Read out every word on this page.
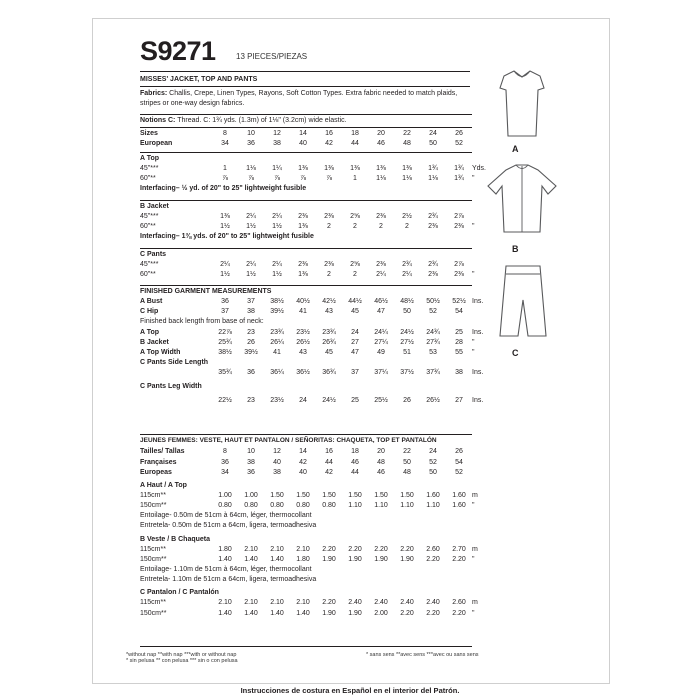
S9271	13 PIECES/PIEZAS
MISSES' JACKET, TOP AND PANTS
Fabrics: Challis, Crepe, Linen Types, Rayons, Soft Cotton Types. Extra fabric needed to match plaids, stripes or one-way design fabrics.
Notions C: Thread. C: 1¾ yds. (1.3m) of 1⅛" (3.2cm) wide elastic.
Sizes	8	10	12	14	16	18	20	22	24	26	
European	34	36	38	40	42	44	46	48	50	52	
A Top
45"***	1	1⅛	1¼	1⅜	1⅜	1⅜	1⅜	1⅜	1¾	1¾	Yds.
60"**	⅞	⅞	⅞	⅞	⅞	1	1⅛	1⅛	1⅛	1¾	"
Interfacing– ½ yd. of 20" to 25" lightweight fusible
B Jacket
45"***	1⅜	2¼	2¼	2⅜	2⅜	2⅝	2⅜	2½	2¾	2⅞	
60"**	1½	1½	1½	1⅜	2	2	2	2	2⅜	2⅜	"
Interfacing– 1⅜ yds. of 20" to 25" lightweight fusible
C Pants
45"***	2¼	2¼	2¼	2⅜	2⅜	2⅝	2⅜	2¾	2¾	2⅞	
60"**	1½	1½	1½	1⅜	2	2	2¼	2¼	2⅜	2⅜	"
FINISHED GARMENT MEASUREMENTS
A Bust	36	37	38½	40½	42½	44½	46½	48½	50½	52½	Ins.
C Hip	37	38	39½	41	43	45	47	50	52	54	
Finished back length from base of neck:
A Top	22⅞	23	23¾	23½	23¾	24	24¼	24½	24¾	25	Ins.
B Jacket	25¾	26	26¼	26½	26¾	27	27¼	27½	27¾	28	"
A Top Width	38½	39½	41	43	45	47	49	51	53	55	"
C Pants Side Length
	35¾	36	36¼	36½	36¾	37	37¼	37½	37¾	38	Ins.
C Pants Leg Width
	22½	23	23½	24	24½	25	25½	26	26½	27	Ins.
JEUNES FEMMES: VESTE, HAUT ET PANTALON / SEÑORITAS: CHAQUETA, TOP ET PANTALÓN
Tailles/ Tallas	8	10	12	14	16	18	20	22	24	26	
Françaises	36	38	40	42	44	46	48	50	52	54	
Europeas	34	36	38	40	42	44	46	48	50	52	
A Haut / A Top
115cm**	1.00	1.00	1.50	1.50	1.50	1.50	1.50	1.50	1.60	1.60	m
150cm**	0.80	0.80	0.80	0.80	0.80	1.10	1.10	1.10	1.10	1.60	"
Entoilage- 0.50m de 51cm à 64cm, léger, thermocollant
Entretela- 0.50m de 51cm a 64cm, ligera, termoadhesiva
B Veste / B Chaqueta
115cm**	1.80	2.10	2.10	2.10	2.20	2.20	2.20	2.20	2.60	2.70	m
150cm**	1.40	1.40	1.40	1.80	1.90	1.90	1.90	1.90	2.20	2.20	"
Entoilage- 1.10m de 51cm à 64cm, léger, thermocollant
Entretela- 1.10m de 51cm a 64cm, ligera, termoadhesiva
C Pantalon / C Pantalón
115cm**	2.10	2.10	2.10	2.10	2.20	2.40	2.40	2.40	2.40	2.60	m
150cm**	1.40	1.40	1.40	1.40	1.90	1.90	2.00	2.20	2.20	2.20	"
*without nap **with nap ***with or without nap
* sin pelusa ** con pelusa *** sin o con pelusa
* sans sens **avec sens ***avec ou sans sens
A
B
C
Instrucciones de costura en Español en el interior del Patrón.
